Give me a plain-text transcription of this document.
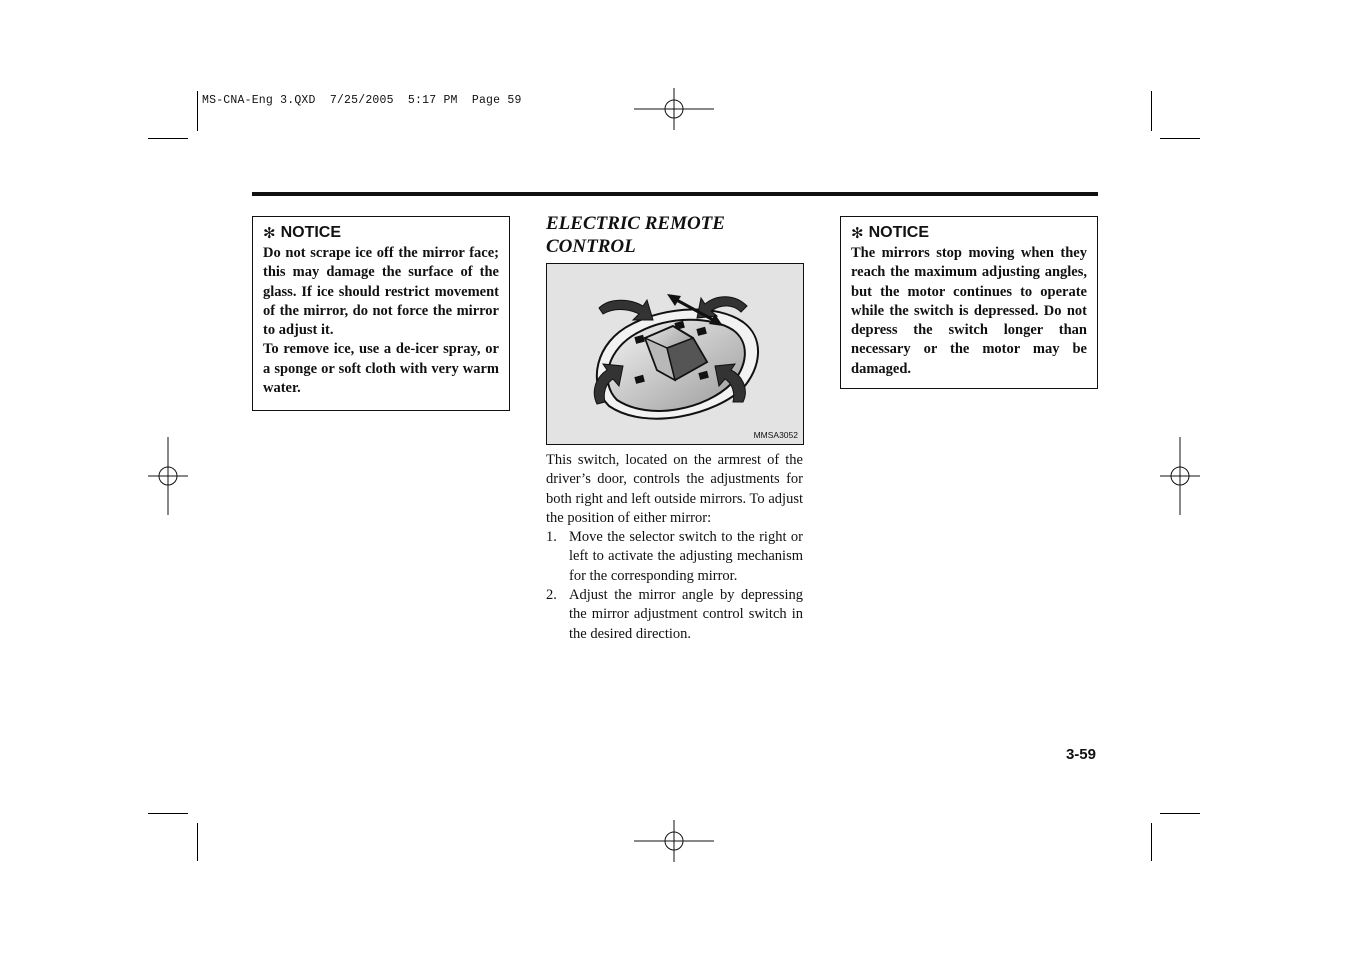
MS-CNA-Eng 3.QXD  7/25/2005  5:17 PM  Page 59
✻ NOTICE

Do not scrape ice off the mirror face; this may damage the surface of the glass. If ice should restrict movement of the mirror, do not force the mirror to adjust it.

To remove ice, use a de-icer spray, or a sponge or soft cloth with very warm water.

ELECTRIC REMOTE CONTROL
MMSA3052

This switch, located on the armrest of the driver’s door, controls the adjustments for both right and left outside mirrors. To adjust the position of either mirror:

1. Move the selector switch to the right or left to activate the adjusting mechanism for the corresponding mirror.
2. Adjust the mirror angle by depressing the mirror adjustment control switch in the desired direction.
✻ NOTICE

The mirrors stop moving when they reach the maximum adjusting angles, but the motor continues to operate while the switch is depressed. Do not depress the switch longer than necessary or the motor may be damaged.

3-59
